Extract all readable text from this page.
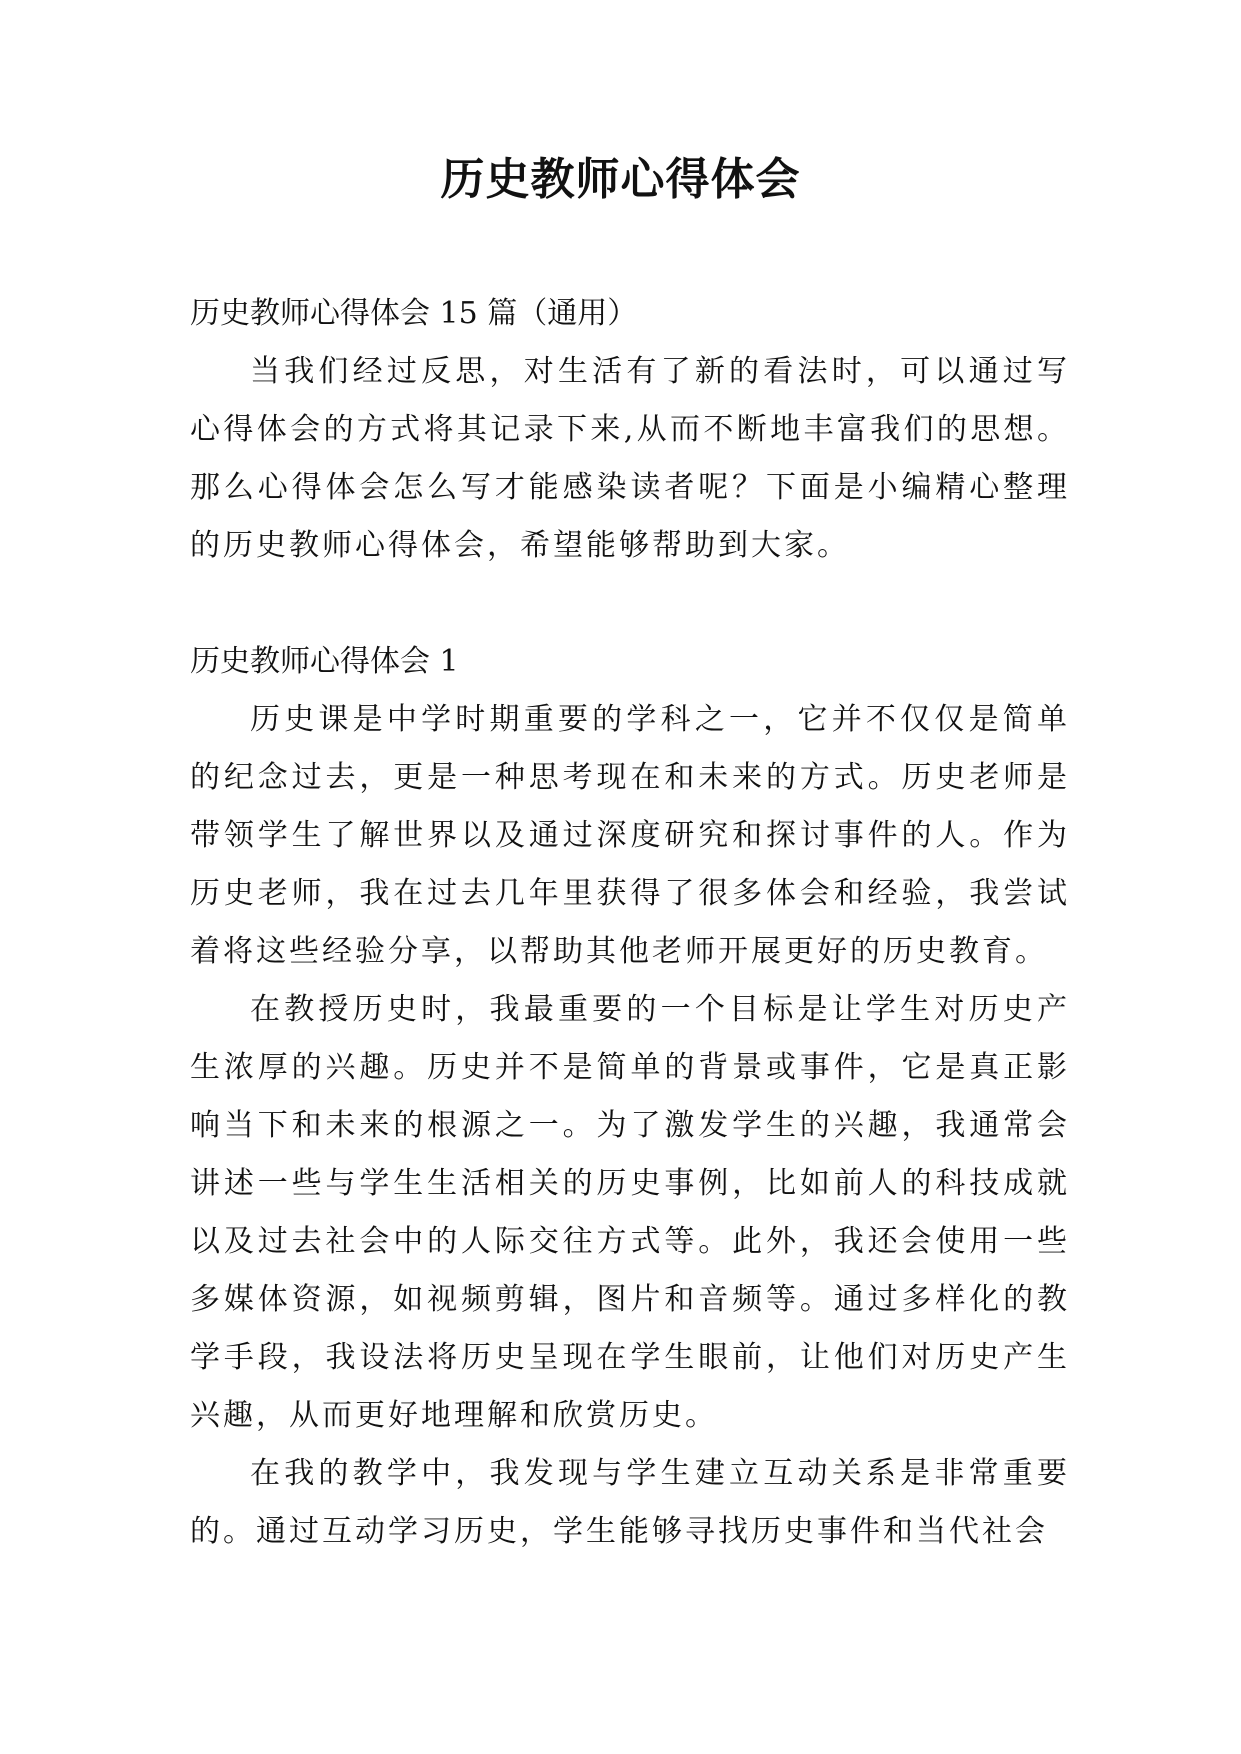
历史教师心得体会

历史教师心得体会 15 篇（通用）

当我们经过反思，对生活有了新的看法时，可以通过写心得体会的方式将其记录下来,从而不断地丰富我们的思想。那么心得体会怎么写才能感染读者呢？下面是小编精心整理的历史教师心得体会，希望能够帮助到大家。

历史教师心得体会 1

历史课是中学时期重要的学科之一，它并不仅仅是简单的纪念过去，更是一种思考现在和未来的方式。历史老师是带领学生了解世界以及通过深度研究和探讨事件的人。作为历史老师，我在过去几年里获得了很多体会和经验，我尝试着将这些经验分享，以帮助其他老师开展更好的历史教育。

在教授历史时，我最重要的一个目标是让学生对历史产生浓厚的兴趣。历史并不是简单的背景或事件，它是真正影响当下和未来的根源之一。为了激发学生的兴趣，我通常会讲述一些与学生生活相关的历史事例，比如前人的科技成就以及过去社会中的人际交往方式等。此外，我还会使用一些多媒体资源，如视频剪辑，图片和音频等。通过多样化的教学手段，我设法将历史呈现在学生眼前，让他们对历史产生兴趣，从而更好地理解和欣赏历史。

在我的教学中，我发现与学生建立互动关系是非常重要的。通过互动学习历史，学生能够寻找历史事件和当代社会
